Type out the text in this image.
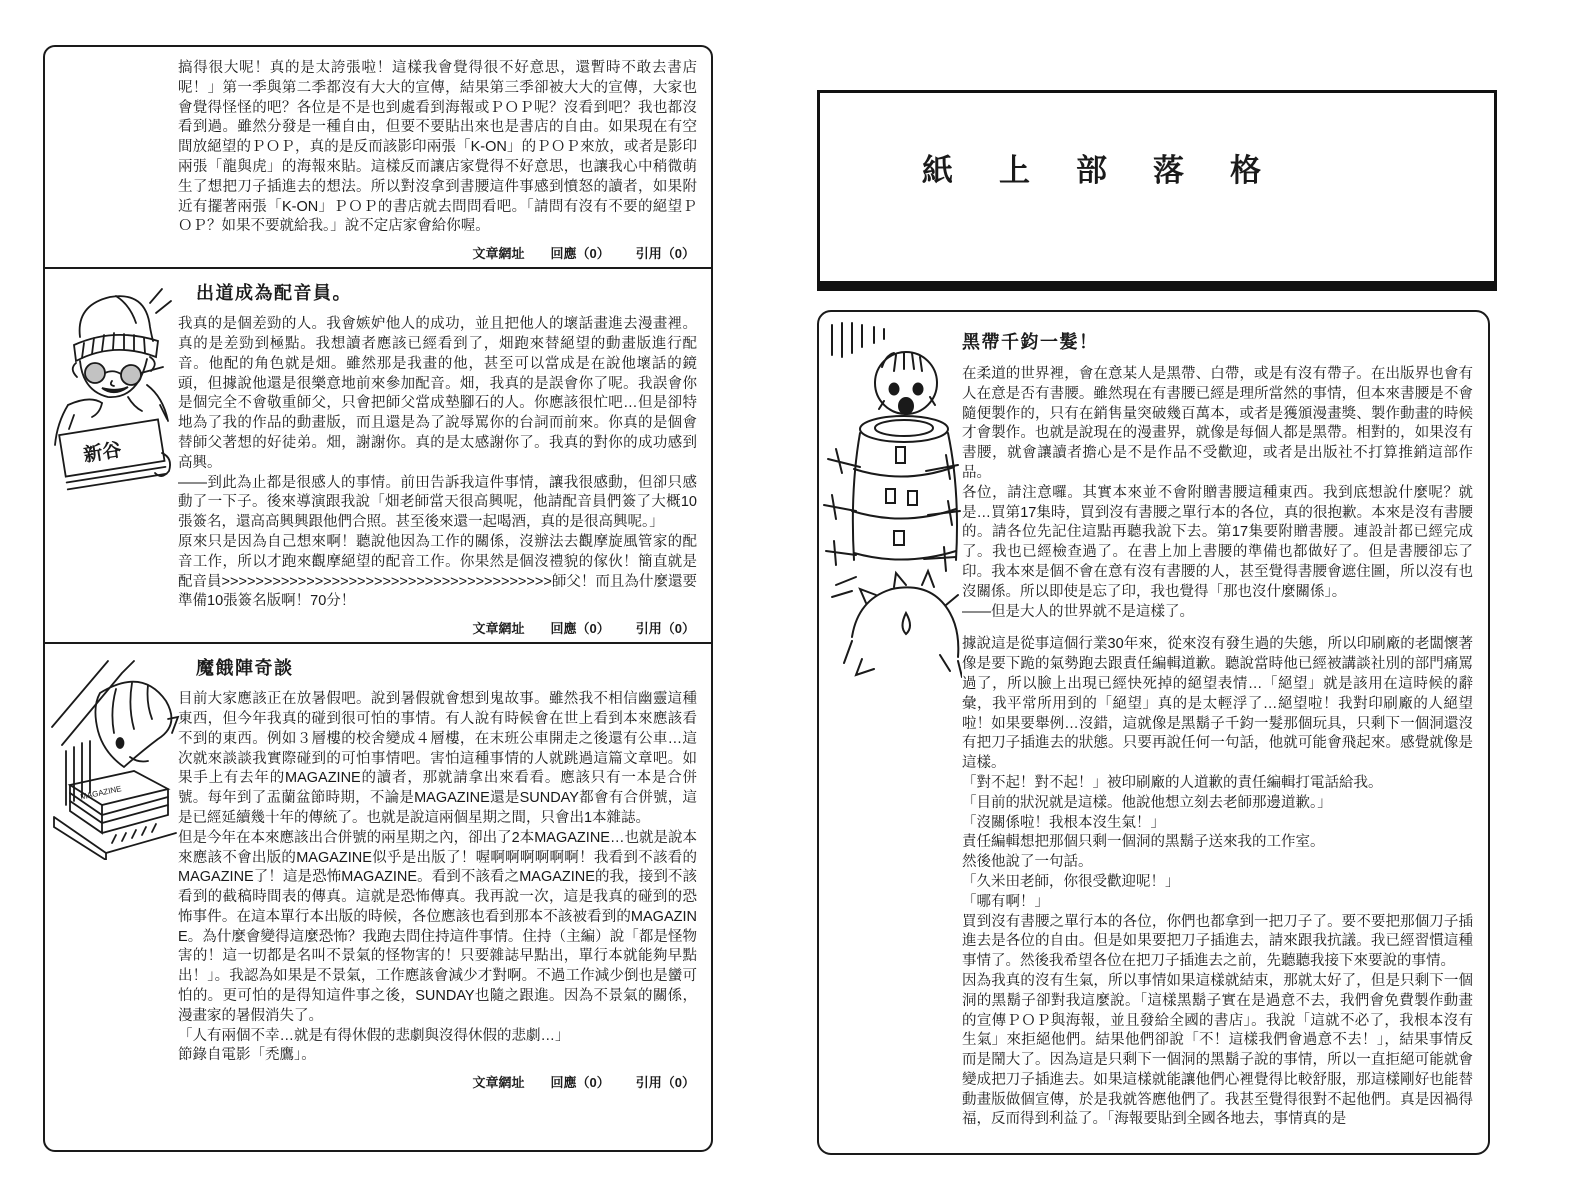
搞得很大呢！真的是太誇張啦！這樣我會覺得很不好意思，還暫時不敢去書店呢！」第一季與第二季都沒有大大的宣傳，結果第三季卻被大大的宣傳，大家也會覺得怪怪的吧？各位是不是也到處看到海報或ＰＯＰ呢？沒看到吧？我也都沒看到過。雖然分發是一種自由，但要不要貼出來也是書店的自由。如果現在有空間放絕望的ＰＯＰ，真的是反而該影印兩張「K-ON」的ＰＯＰ來放，或者是影印兩張「龍與虎」的海報來貼。這樣反而讓店家覺得不好意思，也讓我心中稍微萌生了想把刀子插進去的想法。所以對沒拿到書腰這件事感到憤怒的讀者，如果附近有擺著兩張「K-ON」ＰＯＰ的書店就去問問看吧。「請問有沒有不要的絕望ＰＯＰ？如果不要就給我。」說不定店家會給你喔。

文章網址 回應（0） 引用（0）
出道成為配音員。

我真的是個差勁的人。我會嫉妒他人的成功，並且把他人的壞話畫進去漫畫裡。真的是差勁到極點。我想讀者應該已經看到了，畑跑來替絕望的動畫版進行配音。他配的角色就是畑。雖然那是我畫的他，甚至可以當成是在說他壞話的鏡頭，但據說他還是很樂意地前來參加配音。畑，我真的是誤會你了呢。我誤會你是個完全不會敬重師父，只會把師父當成墊腳石的人。你應該很忙吧…但是卻特地為了我的作品的動畫版，而且還是為了說辱罵你的台詞而前來。你真的是個會替師父著想的好徒弟。畑，謝謝你。真的是太感謝你了。我真的對你的成功感到高興。

——到此為止都是很感人的事情。前田告訴我這件事情，讓我很感動，但卻只感動了一下子。後來導演跟我說「畑老師當天很高興呢，他請配音員們簽了大概10張簽名，還高高興興跟他們合照。甚至後來還一起喝酒，真的是很高興呢。」

原來只是因為自己想來啊！聽說他因為工作的關係，沒辦法去觀摩旋風管家的配音工作，所以才跑來觀摩絕望的配音工作。你果然是個沒禮貌的傢伙！簡直就是配音員>>>>>>>>>>>>>>>>>>>>>>>>>>>>>>>>>>>>>>>師父！而且為什麼還要準備10張簽名版啊！70分！

文章網址 回應（0） 引用（0）
魔餓陣奇談

目前大家應該正在放暑假吧。說到暑假就會想到鬼故事。雖然我不相信幽靈這種東西，但今年我真的碰到很可怕的事情。有人說有時候會在世上看到本來應該看不到的東西。例如３層樓的校舍變成４層樓，在末班公車開走之後還有公車…這次就來談談我實際碰到的可怕事情吧。害怕這種事情的人就跳過這篇文章吧。如果手上有去年的MAGAZINE的讀者，那就請拿出來看看。應該只有一本是合併號。每年到了盂蘭盆節時期，不論是MAGAZINE還是SUNDAY都會有合併號，這是已經延續幾十年的傳統了。也就是說這兩個星期之間，只會出1本雜誌。

但是今年在本來應該出合併號的兩星期之內，卻出了2本MAGAZINE…也就是說本來應該不會出版的MAGAZINE似乎是出版了！喔啊啊啊啊啊啊！我看到不該看的MAGAZINE了！這是恐怖MAGAZINE。看到不該看之MAGAZINE的我，接到不該看到的截稿時間表的傳真。這就是恐怖傳真。我再說一次，這是我真的碰到的恐怖事件。在這本單行本出版的時候，各位應該也看到那本不該被看到的MAGAZINE。為什麼會變得這麼恐怖？我跑去問住持這件事情。住持（主編）說「都是怪物害的！這一切都是名叫不景氣的怪物害的！只要雜誌早點出，單行本就能夠早點出！」。我認為如果是不景氣，工作應該會減少才對啊。不過工作減少倒也是蠻可怕的。更可怕的是得知這件事之後，SUNDAY也隨之跟進。因為不景氣的關係，漫畫家的暑假消失了。

「人有兩個不幸…就是有得休假的悲劇與沒得休假的悲劇…」

節錄自電影「禿鷹」。

文章網址 回應（0） 引用（0）
紙上部落格
黑帶千鈞一髮！

在柔道的世界裡，會在意某人是黑帶、白帶，或是有沒有帶子。在出版界也會有人在意是否有書腰。雖然現在有書腰已經是理所當然的事情，但本來書腰是不會隨便製作的，只有在銷售量突破幾百萬本，或者是獲頒漫畫獎、製作動畫的時候才會製作。也就是說現在的漫畫界，就像是每個人都是黑帶。相對的，如果沒有書腰，就會讓讀者擔心是不是作品不受歡迎，或者是出版社不打算推銷這部作品。

各位，請注意囉。其實本來並不會附贈書腰這種東西。我到底想說什麼呢？就是…買第17集時，買到沒有書腰之單行本的各位，真的很抱歉。本來是沒有書腰的。請各位先記住這點再聽我說下去。第17集要附贈書腰。連設計都已經完成了。我也已經檢查過了。在書上加上書腰的準備也都做好了。但是書腰卻忘了印。我本來是個不會在意有沒有書腰的人，甚至覺得書腰會遮住圖，所以沒有也沒關係。所以即使是忘了印，我也覺得「那也沒什麼關係」。

——但是大人的世界就不是這樣了。

據說這是從事這個行業30年來，從來沒有發生過的失態，所以印刷廠的老闆懷著像是要下跪的氣勢跑去跟責任編輯道歉。聽說當時他已經被講談社別的部門痛罵過了，所以臉上出現已經快死掉的絕望表情…「絕望」就是該用在這時候的辭彙，我平常所用到的「絕望」真的是太輕浮了…絕望啦！我對印刷廠的人絕望啦！如果要舉例…沒錯，這就像是黑鬍子千鈞一髮那個玩具，只剩下一個洞還沒有把刀子插進去的狀態。只要再說任何一句話，他就可能會飛起來。感覺就像是這樣。

「對不起！對不起！」被印刷廠的人道歉的責任編輯打電話給我。

「目前的狀況就是這樣。他說他想立刻去老師那邊道歉。」

「沒關係啦！我根本沒生氣！」

責任編輯想把那個只剩一個洞的黑鬍子送來我的工作室。

然後他說了一句話。

「久米田老師，你很受歡迎呢！」

「哪有啊！」

買到沒有書腰之單行本的各位，你們也都拿到一把刀子了。要不要把那個刀子插進去是各位的自由。但是如果要把刀子插進去，請來跟我抗議。我已經習慣這種事情了。然後我希望各位在把刀子插進去之前，先聽聽我接下來要說的事情。

因為我真的沒有生氣，所以事情如果這樣就結束，那就太好了，但是只剩下一個洞的黑鬍子卻對我這麼說。「這樣黑鬍子實在是過意不去，我們會免費製作動畫的宣傳ＰＯＰ與海報，並且發給全國的書店」。我說「這就不必了，我根本沒有生氣」來拒絕他們。結果他們卻說「不！這樣我們會過意不去！」，結果事情反而是鬧大了。因為這是只剩下一個洞的黑鬍子說的事情，所以一直拒絕可能就會變成把刀子插進去。如果這樣就能讓他們心裡覺得比較舒服，那這樣剛好也能替動畫版做個宣傳，於是我就答應他們了。我甚至覺得很對不起他們。真是因禍得福，反而得到利益了。「海報要貼到全國各地去，事情真的是

新谷
MAGAZINE
